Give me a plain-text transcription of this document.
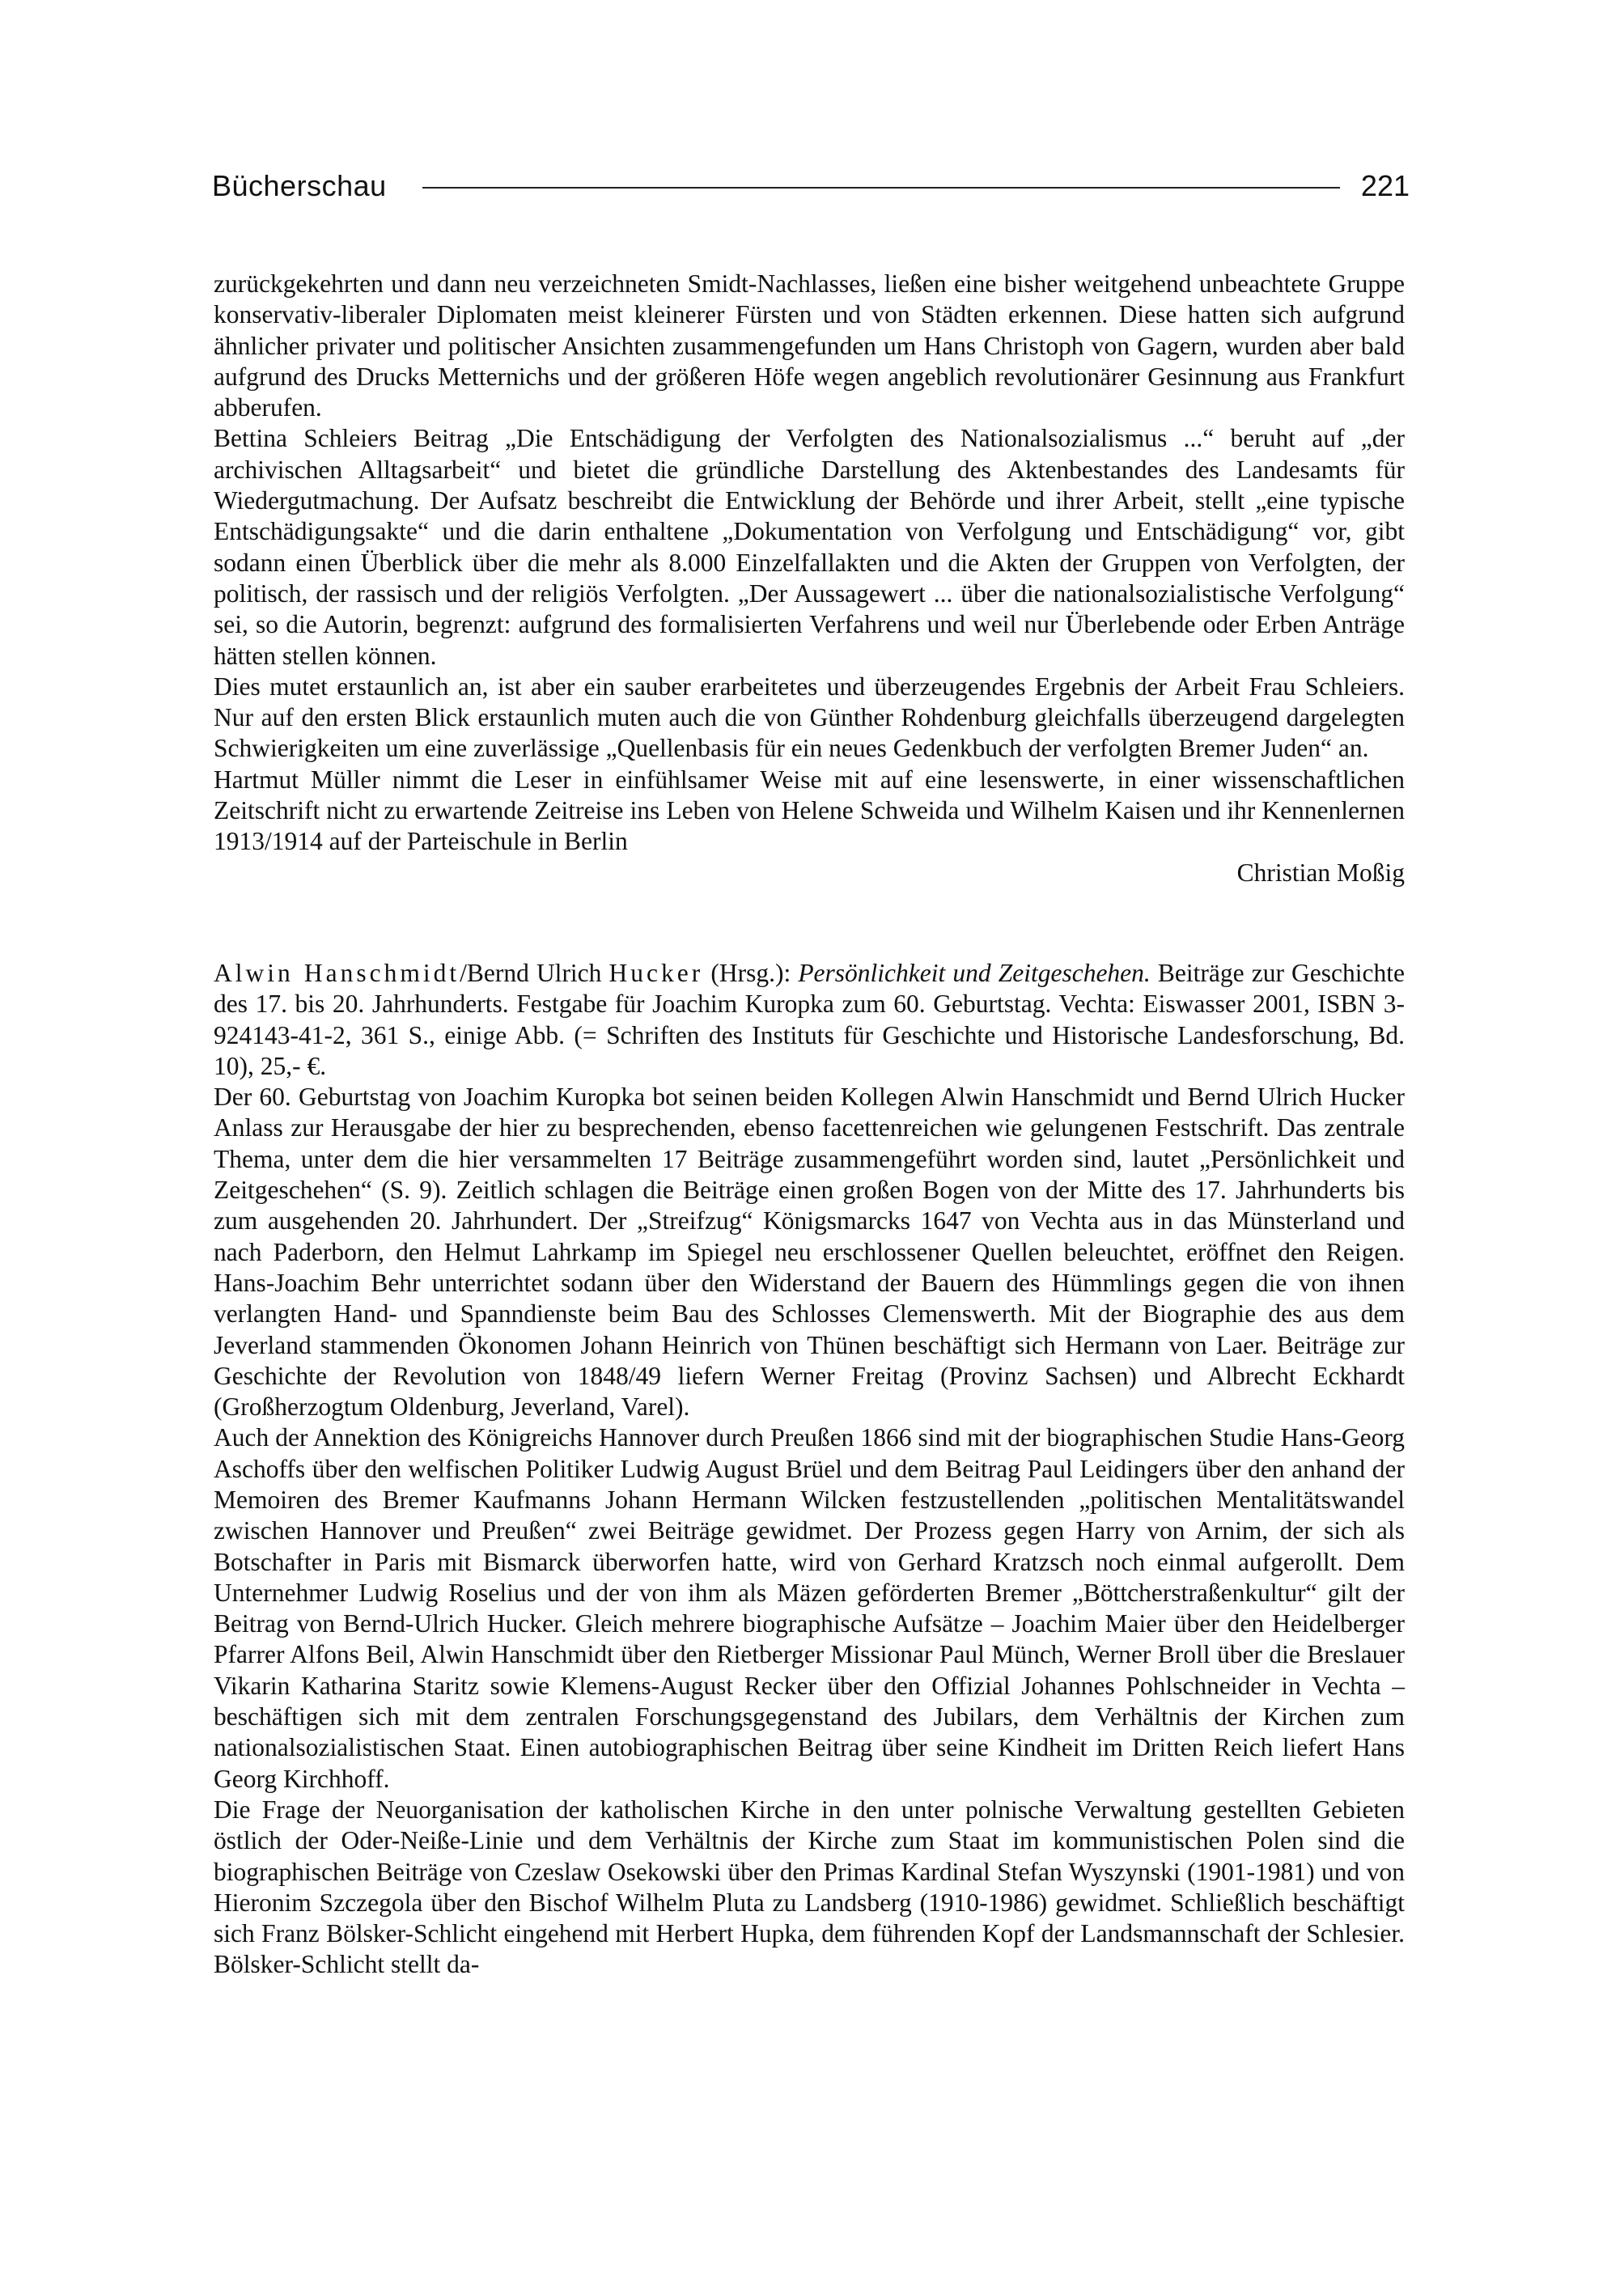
Bücherschau	221

zurückgekehrten und dann neu verzeichneten Smidt-Nachlasses, ließen eine bisher weitgehend unbeachtete Gruppe konservativ-liberaler Diplomaten meist kleinerer Fürsten und von Städten erkennen. Diese hatten sich aufgrund ähnlicher privater und politischer Ansichten zusammengefunden um Hans Christoph von Gagern, wurden aber bald aufgrund des Drucks Metternichs und der größeren Höfe wegen angeblich revolutionärer Gesinnung aus Frankfurt abberufen.

Bettina Schleiers Beitrag „Die Entschädigung der Verfolgten des Nationalsozialismus ...“ beruht auf „der archivischen Alltagsarbeit“ und bietet die gründliche Darstellung des Aktenbestandes des Landesamts für Wiedergutmachung. Der Aufsatz beschreibt die Entwicklung der Behörde und ihrer Arbeit, stellt „eine typische Entschädigungsakte“ und die darin enthaltene „Dokumentation von Verfolgung und Entschädigung“ vor, gibt sodann einen Überblick über die mehr als 8.000 Einzelfallakten und die Akten der Gruppen von Verfolgten, der politisch, der rassisch und der religiös Verfolgten. „Der Aussagewert ... über die nationalsozialistische Verfolgung“ sei, so die Autorin, begrenzt: aufgrund des formalisierten Verfahrens und weil nur Überlebende oder Erben Anträge hätten stellen können.

Dies mutet erstaunlich an, ist aber ein sauber erarbeitetes und überzeugendes Ergebnis der Arbeit Frau Schleiers. Nur auf den ersten Blick erstaunlich muten auch die von Günther Rohdenburg gleichfalls überzeugend dargelegten Schwierigkeiten um eine zuverlässige „Quellenbasis für ein neues Gedenkbuch der verfolgten Bremer Juden“ an.

Hartmut Müller nimmt die Leser in einfühlsamer Weise mit auf eine lesenswerte, in einer wissenschaftlichen Zeitschrift nicht zu erwartende Zeitreise ins Leben von Helene Schweida und Wilhelm Kaisen und ihr Kennenlernen 1913/1914 auf der Parteischule in Berlin

Christian Moßig

Alwin Hanschmidt/Bernd Ulrich Hucker (Hrsg.): Persönlichkeit und Zeitgeschehen. Beiträge zur Geschichte des 17. bis 20. Jahrhunderts. Festgabe für Joachim Kuropka zum 60. Geburtstag. Vechta: Eiswasser 2001, ISBN 3-924143-41-2, 361 S., einige Abb. (= Schriften des Instituts für Geschichte und Historische Landesforschung, Bd. 10), 25,- €.

Der 60. Geburtstag von Joachim Kuropka bot seinen beiden Kollegen Alwin Hanschmidt und Bernd Ulrich Hucker Anlass zur Herausgabe der hier zu besprechenden, ebenso facettenreichen wie gelungenen Festschrift. Das zentrale Thema, unter dem die hier versammelten 17 Beiträge zusammengeführt worden sind, lautet „Persönlichkeit und Zeitgeschehen“ (S. 9). Zeitlich schlagen die Beiträge einen großen Bogen von der Mitte des 17. Jahrhunderts bis zum ausgehenden 20. Jahrhundert. Der „Streifzug“ Königsmarcks 1647 von Vechta aus in das Münsterland und nach Paderborn, den Helmut Lahrkamp im Spiegel neu erschlossener Quellen beleuchtet, eröffnet den Reigen. Hans-Joachim Behr unterrichtet sodann über den Widerstand der Bauern des Hümmlings gegen die von ihnen verlangten Hand- und Spanndienste beim Bau des Schlosses Clemenswerth. Mit der Biographie des aus dem Jeverland stammenden Ökonomen Johann Heinrich von Thünen beschäftigt sich Hermann von Laer. Beiträge zur Geschichte der Revolution von 1848/49 liefern Werner Freitag (Provinz Sachsen) und Albrecht Eckhardt (Großherzogtum Oldenburg, Jeverland, Varel).

Auch der Annektion des Königreichs Hannover durch Preußen 1866 sind mit der biographischen Studie Hans-Georg Aschoffs über den welfischen Politiker Ludwig August Brüel und dem Beitrag Paul Leidingers über den anhand der Memoiren des Bremer Kaufmanns Johann Hermann Wilcken festzustellenden „politischen Mentalitätswandel zwischen Hannover und Preußen“ zwei Beiträge gewidmet. Der Prozess gegen Harry von Arnim, der sich als Botschafter in Paris mit Bismarck überworfen hatte, wird von Gerhard Kratzsch noch einmal aufgerollt. Dem Unternehmer Ludwig Roselius und der von ihm als Mäzen geförderten Bremer „Böttcherstraßenkultur“ gilt der Beitrag von Bernd-Ulrich Hucker. Gleich mehrere biographische Aufsätze – Joachim Maier über den Heidelberger Pfarrer Alfons Beil, Alwin Hanschmidt über den Rietberger Missionar Paul Münch, Werner Broll über die Breslauer Vikarin Katharina Staritz sowie Klemens-August Recker über den Offizial Johannes Pohlschneider in Vechta – beschäftigen sich mit dem zentralen Forschungsgegenstand des Jubilars, dem Verhältnis der Kirchen zum nationalsozialistischen Staat. Einen autobiographischen Beitrag über seine Kindheit im Dritten Reich liefert Hans Georg Kirchhoff.

Die Frage der Neuorganisation der katholischen Kirche in den unter polnische Verwaltung gestellten Gebieten östlich der Oder-Neiße-Linie und dem Verhältnis der Kirche zum Staat im kommunistischen Polen sind die biographischen Beiträge von Czeslaw Osekowski über den Primas Kardinal Stefan Wyszynski (1901-1981) und von Hieronim Szczegola über den Bischof Wilhelm Pluta zu Landsberg (1910-1986) gewidmet. Schließlich beschäftigt sich Franz Bölsker-Schlicht eingehend mit Herbert Hupka, dem führenden Kopf der Landsmannschaft der Schlesier. Bölsker-Schlicht stellt da-
